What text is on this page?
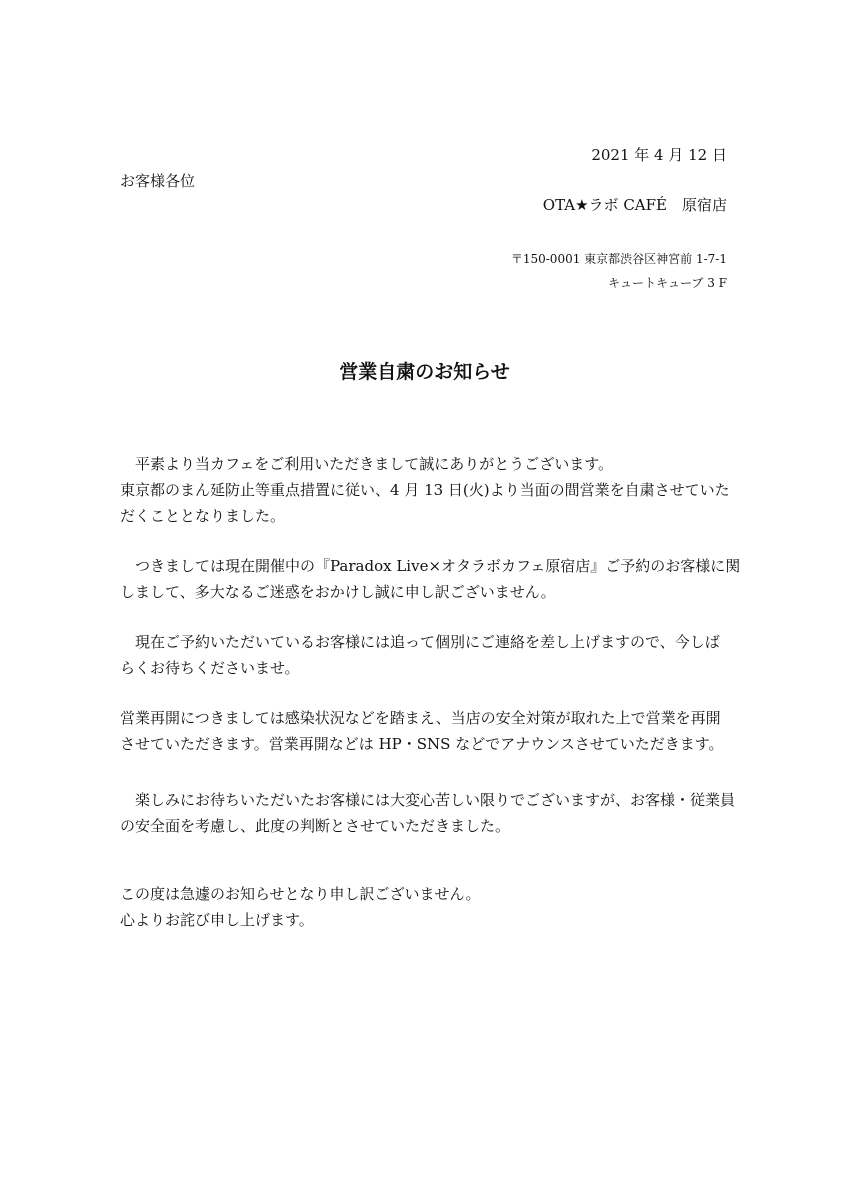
2021 年 4 月 12 日
お客様各位
OTA★ラボ CAFÉ　原宿店
〒150-0001 東京都渋谷区神宮前 1-7-1
キュートキューブ 3 F
営業自粛のお知らせ
　平素より当カフェをご利用いただきまして誠にありがとうございます。
東京都のまん延防止等重点措置に従い、4 月 13 日(火)より当面の間営業を自粛させていた
だくこととなりました。
　つきましては現在開催中の『Paradox Live×オタラボカフェ原宿店』ご予約のお客様に関
しまして、多大なるご迷惑をおかけし誠に申し訳ございません。
　現在ご予約いただいているお客様には追って個別にご連絡を差し上げますので、今しば
らくお待ちくださいませ。
営業再開につきましては感染状況などを踏まえ、当店の安全対策が取れた上で営業を再開
させていただきます。営業再開などは HP・SNS などでアナウンスさせていただきます。
　楽しみにお待ちいただいたお客様には大変心苦しい限りでございますが、お客様・従業員
の安全面を考慮し、此度の判断とさせていただきました。
この度は急遽のお知らせとなり申し訳ございません。
心よりお詫び申し上げます。
